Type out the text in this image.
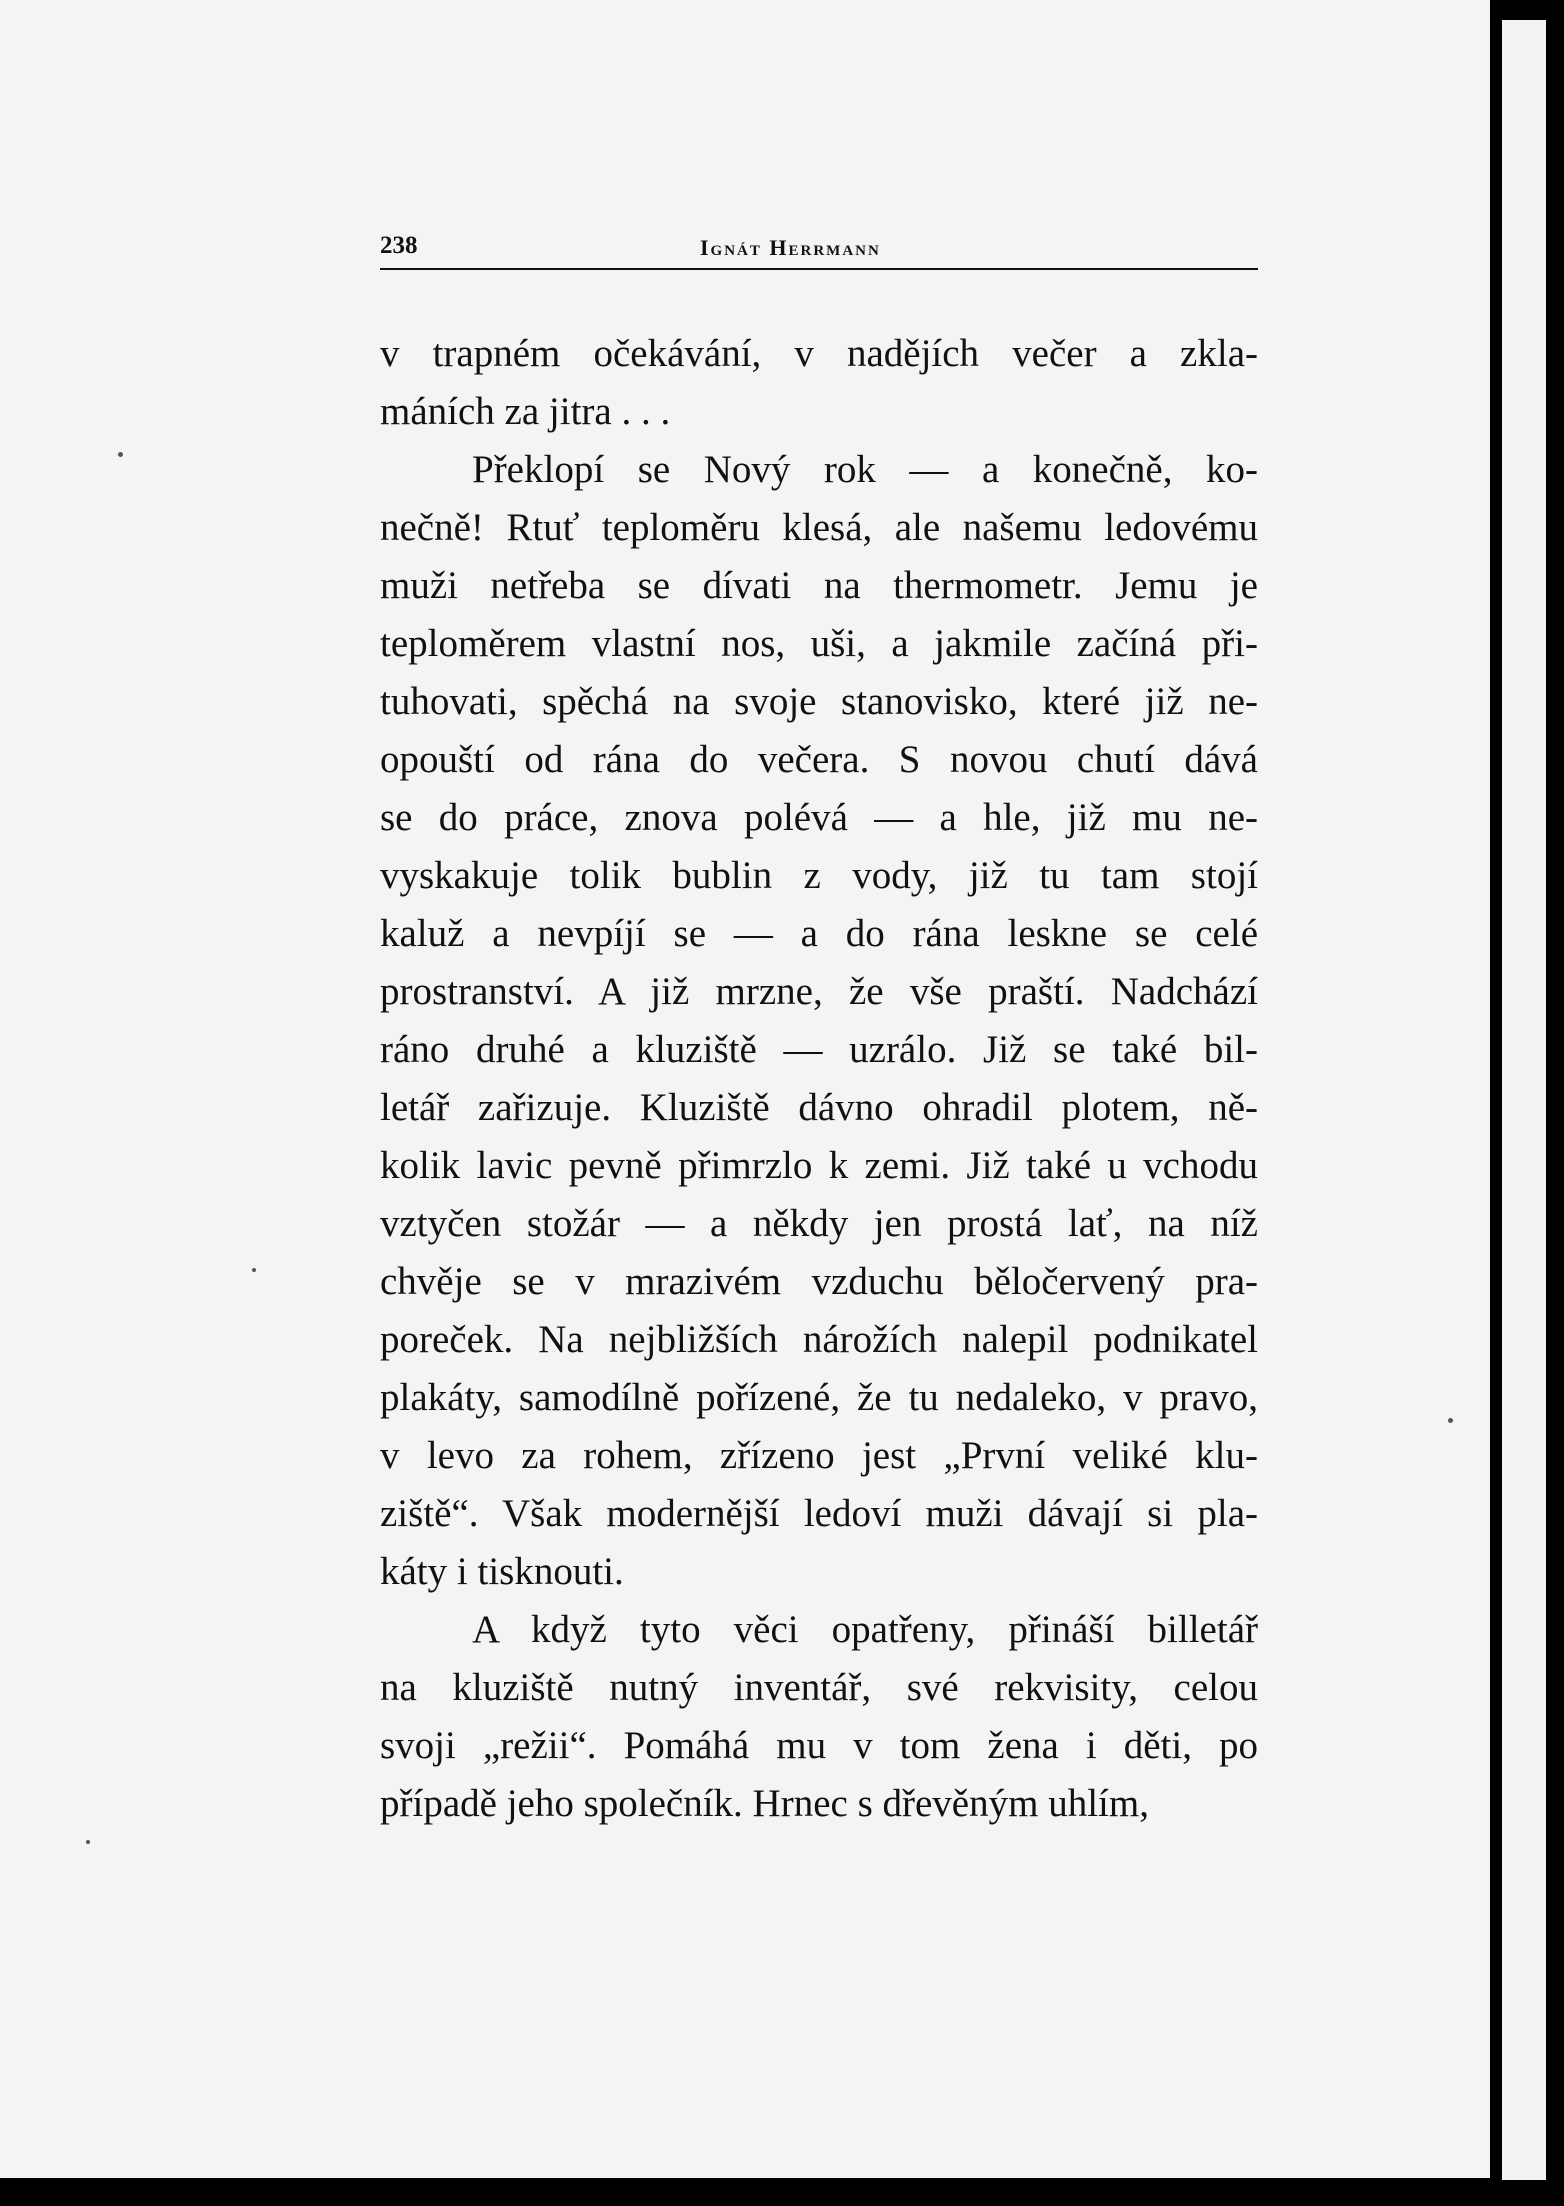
238	Ignát Herrmann
v trapném očekávání, v nadějích večer a zkla-
máních za jitra . . .
Překlopí se Nový rok — a konečně, ko-
nečně! Rtuť teploměru klesá, ale našemu ledovému
muži netřeba se dívati na thermometr. Jemu je
teploměrem vlastní nos, uši, a jakmile začíná při-
tuhovati, spěchá na svoje stanovisko, které již ne-
opouští od rána do večera. S novou chutí dává
se do práce, znova polévá — a hle, již mu ne-
vyskakuje tolik bublin z vody, již tu tam stojí
kaluž a nevpíjí se — a do rána leskne se celé
prostranství. A již mrzne, že vše praští. Nadchází
ráno druhé a kluziště — uzrálo. Již se také bil-
letář zařizuje. Kluziště dávno ohradil plotem, ně-
kolik lavic pevně přimrzlo k zemi. Již také u vchodu
vztyčen stožár — a někdy jen prostá lať, na níž
chvěje se v mrazivém vzduchu běločervený pra-
poreček. Na nejbližších nárožích nalepil podnikatel
plakáty, samodílně pořízené, že tu nedaleko, v pravo,
v levo za rohem, zřízeno jest „První veliké klu-
ziště“. Však modernější ledoví muži dávají si pla-
káty i tisknouti.
A když tyto věci opatřeny, přináší billetář
na kluziště nutný inventář, své rekvisity, celou
svoji „režii“. Pomáhá mu v tom žena i děti, po
případě jeho společník. Hrnec s dřevěným uhlím,
